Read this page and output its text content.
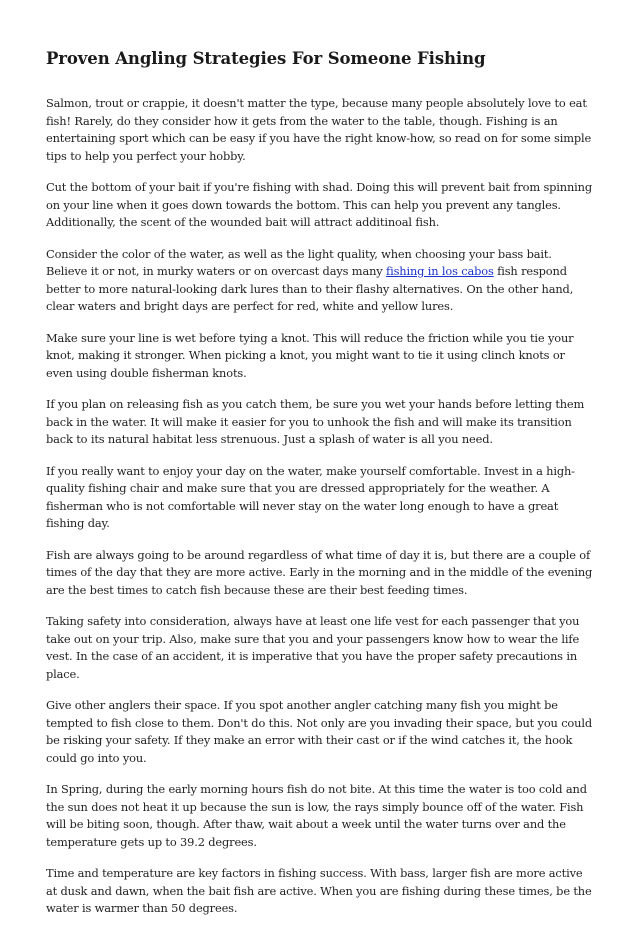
Proven Angling Strategies For Someone Fishing

Salmon, trout or crappie, it doesn't matter the type, because many people absolutely love to eat fish! Rarely, do they consider how it gets from the water to the table, though. Fishing is an entertaining sport which can be easy if you have the right know-how, so read on for some simple tips to help you perfect your hobby.

Cut the bottom of your bait if you're fishing with shad. Doing this will prevent bait from spinning on your line when it goes down towards the bottom. This can help you prevent any tangles. Additionally, the scent of the wounded bait will attract additinoal fish.

Consider the color of the water, as well as the light quality, when choosing your bass bait. Believe it or not, in murky waters or on overcast days many fishing in los cabos fish respond better to more natural-looking dark lures than to their flashy alternatives. On the other hand, clear waters and bright days are perfect for red, white and yellow lures.

Make sure your line is wet before tying a knot. This will reduce the friction while you tie your knot, making it stronger. When picking a knot, you might want to tie it using clinch knots or even using double fisherman knots.

If you plan on releasing fish as you catch them, be sure you wet your hands before letting them back in the water. It will make it easier for you to unhook the fish and will make its transition back to its natural habitat less strenuous. Just a splash of water is all you need.

If you really want to enjoy your day on the water, make yourself comfortable. Invest in a high-quality fishing chair and make sure that you are dressed appropriately for the weather. A fisherman who is not comfortable will never stay on the water long enough to have a great fishing day.

Fish are always going to be around regardless of what time of day it is, but there are a couple of times of the day that they are more active. Early in the morning and in the middle of the evening are the best times to catch fish because these are their best feeding times.

Taking safety into consideration, always have at least one life vest for each passenger that you take out on your trip. Also, make sure that you and your passengers know how to wear the life vest. In the case of an accident, it is imperative that you have the proper safety precautions in place.

Give other anglers their space. If you spot another angler catching many fish you might be tempted to fish close to them. Don't do this. Not only are you invading their space, but you could be risking your safety. If they make an error with their cast or if the wind catches it, the hook could go into you.

In Spring, during the early morning hours fish do not bite. At this time the water is too cold and the sun does not heat it up because the sun is low, the rays simply bounce off of the water. Fish will be biting soon, though. After thaw, wait about a week until the water turns over and the temperature gets up to 39.2 degrees.

Time and temperature are key factors in fishing success. With bass, larger fish are more active at dusk and dawn, when the bait fish are active. When you are fishing during these times, be the water is warmer than 50 degrees.
